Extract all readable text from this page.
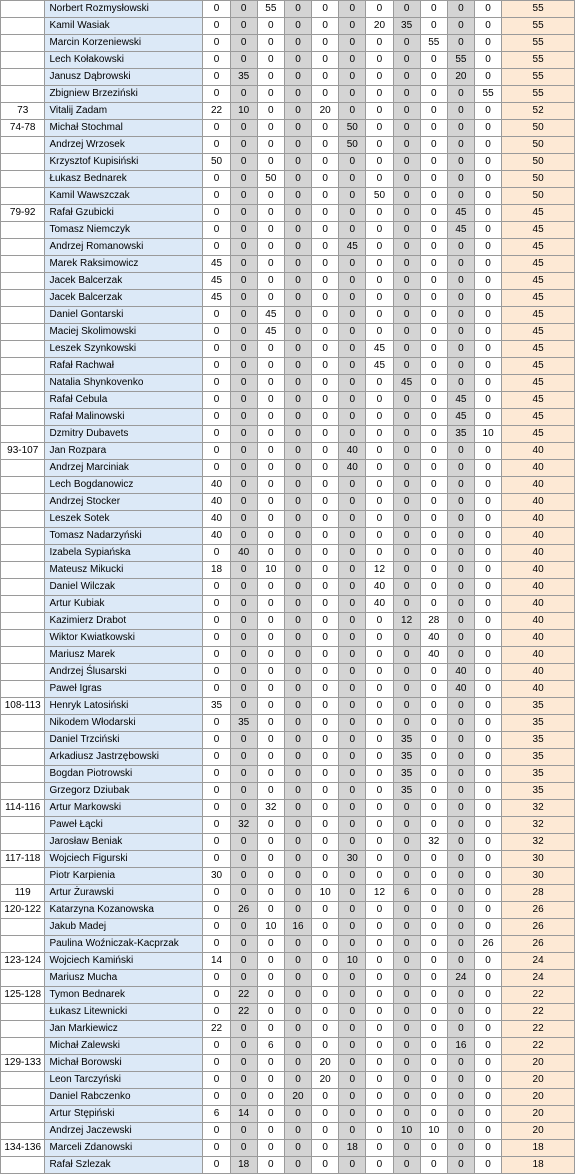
	Norbert Rozmysłowski	0	0	55	0	0	0	0	0	0	0	0	55
	Kamil Wasiak	0	0	0	0	0	0	20	35	0	0	0	55
	Marcin Korzeniewski	0	0	0	0	0	0	0	0	55	0	0	55
	Lech Kołakowski	0	0	0	0	0	0	0	0	0	55	0	55
	Janusz Dąbrowski	0	35	0	0	0	0	0	0	0	20	0	55
	Zbigniew Brzeziński	0	0	0	0	0	0	0	0	0	0	55	55
73	Vitalij Zadam	22	10	0	0	20	0	0	0	0	0	0	52
74-78	Michał Stochmal	0	0	0	0	0	50	0	0	0	0	0	50
	Andrzej Wrzosek	0	0	0	0	0	50	0	0	0	0	0	50
	Krzysztof Kupisiński	50	0	0	0	0	0	0	0	0	0	0	50
	Łukasz Bednarek	0	0	50	0	0	0	0	0	0	0	0	50
	Kamil Wawszczak	0	0	0	0	0	0	50	0	0	0	0	50
79-92	Rafał Gzubicki	0	0	0	0	0	0	0	0	0	45	0	45
	Tomasz Niemczyk	0	0	0	0	0	0	0	0	0	45	0	45
	Andrzej Romanowski	0	0	0	0	0	45	0	0	0	0	0	45
	Marek Raksimowicz	45	0	0	0	0	0	0	0	0	0	0	45
	Jacek Balcerzak	45	0	0	0	0	0	0	0	0	0	0	45
	Jacek Balcerzak	45	0	0	0	0	0	0	0	0	0	0	45
	Daniel Gontarski	0	0	45	0	0	0	0	0	0	0	0	45
	Maciej Skolimowski	0	0	45	0	0	0	0	0	0	0	0	45
	Leszek Szynkowski	0	0	0	0	0	0	45	0	0	0	0	45
	Rafał Rachwał	0	0	0	0	0	0	45	0	0	0	0	45
	Natalia Shynkovenko	0	0	0	0	0	0	0	45	0	0	0	45
	Rafał Cebula	0	0	0	0	0	0	0	0	0	45	0	45
	Rafał Malinowski	0	0	0	0	0	0	0	0	0	45	0	45
	Dzmitry Dubavets	0	0	0	0	0	0	0	0	0	35	10	45
93-107	Jan Rozpara	0	0	0	0	0	40	0	0	0	0	0	40
	Andrzej Marciniak	0	0	0	0	0	40	0	0	0	0	0	40
	Lech Bogdanowicz	40	0	0	0	0	0	0	0	0	0	0	40
	Andrzej Stocker	40	0	0	0	0	0	0	0	0	0	0	40
	Leszek Sotek	40	0	0	0	0	0	0	0	0	0	0	40
	Tomasz Nadarzyński	40	0	0	0	0	0	0	0	0	0	0	40
	Izabela Sypiańska	0	40	0	0	0	0	0	0	0	0	0	40
	Mateusz Mikucki	18	0	10	0	0	0	12	0	0	0	0	40
	Daniel Wilczak	0	0	0	0	0	0	40	0	0	0	0	40
	Artur Kubiak	0	0	0	0	0	0	40	0	0	0	0	40
	Kazimierz Drabot	0	0	0	0	0	0	0	12	28	0	0	40
	Wiktor Kwiatkowski	0	0	0	0	0	0	0	0	40	0	0	40
	Mariusz Marek	0	0	0	0	0	0	0	0	40	0	0	40
	Andrzej Ślusarski	0	0	0	0	0	0	0	0	0	40	0	40
	Paweł Igras	0	0	0	0	0	0	0	0	0	40	0	40
108-113	Henryk Latosiński	35	0	0	0	0	0	0	0	0	0	0	35
	Nikodem Włodarski	0	35	0	0	0	0	0	0	0	0	0	35
	Daniel Trzciński	0	0	0	0	0	0	0	35	0	0	0	35
	Arkadiusz Jastrzębowski	0	0	0	0	0	0	0	35	0	0	0	35
	Bogdan Piotrowski	0	0	0	0	0	0	0	35	0	0	0	35
	Grzegorz Dziubak	0	0	0	0	0	0	0	35	0	0	0	35
114-116	Artur Markowski	0	0	32	0	0	0	0	0	0	0	0	32
	Paweł Łącki	0	32	0	0	0	0	0	0	0	0	0	32
	Jarosław Beniak	0	0	0	0	0	0	0	0	32	0	0	32
117-118	Wojciech Figurski	0	0	0	0	0	30	0	0	0	0	0	30
	Piotr Karpienia	30	0	0	0	0	0	0	0	0	0	0	30
119	Artur Żurawski	0	0	0	0	10	0	12	6	0	0	0	28
120-122	Katarzyna Kozanowska	0	26	0	0	0	0	0	0	0	0	0	26
	Jakub Madej	0	0	10	16	0	0	0	0	0	0	0	26
	Paulina Woźniczak-Kacprzak	0	0	0	0	0	0	0	0	0	0	26	26
123-124	Wojciech Kamiński	14	0	0	0	0	10	0	0	0	0	0	24
	Mariusz Mucha	0	0	0	0	0	0	0	0	0	24	0	24
125-128	Tymon Bednarek	0	22	0	0	0	0	0	0	0	0	0	22
	Łukasz Litewnicki	0	22	0	0	0	0	0	0	0	0	0	22
	Jan Markiewicz	22	0	0	0	0	0	0	0	0	0	0	22
	Michał Zalewski	0	0	6	0	0	0	0	0	0	16	0	22
129-133	Michał Borowski	0	0	0	0	20	0	0	0	0	0	0	20
	Leon Tarczyński	0	0	0	0	20	0	0	0	0	0	0	20
	Daniel Rabczenko	0	0	0	20	0	0	0	0	0	0	0	20
	Artur Stępiński	6	14	0	0	0	0	0	0	0	0	0	20
	Andrzej Jaczewski	0	0	0	0	0	0	0	10	10	0	0	20
134-136	Marceli Zdanowski	0	0	0	0	0	18	0	0	0	0	0	18
	Rafał Szlezak	0	18	0	0	0	0	0	0	0	0	0	18
